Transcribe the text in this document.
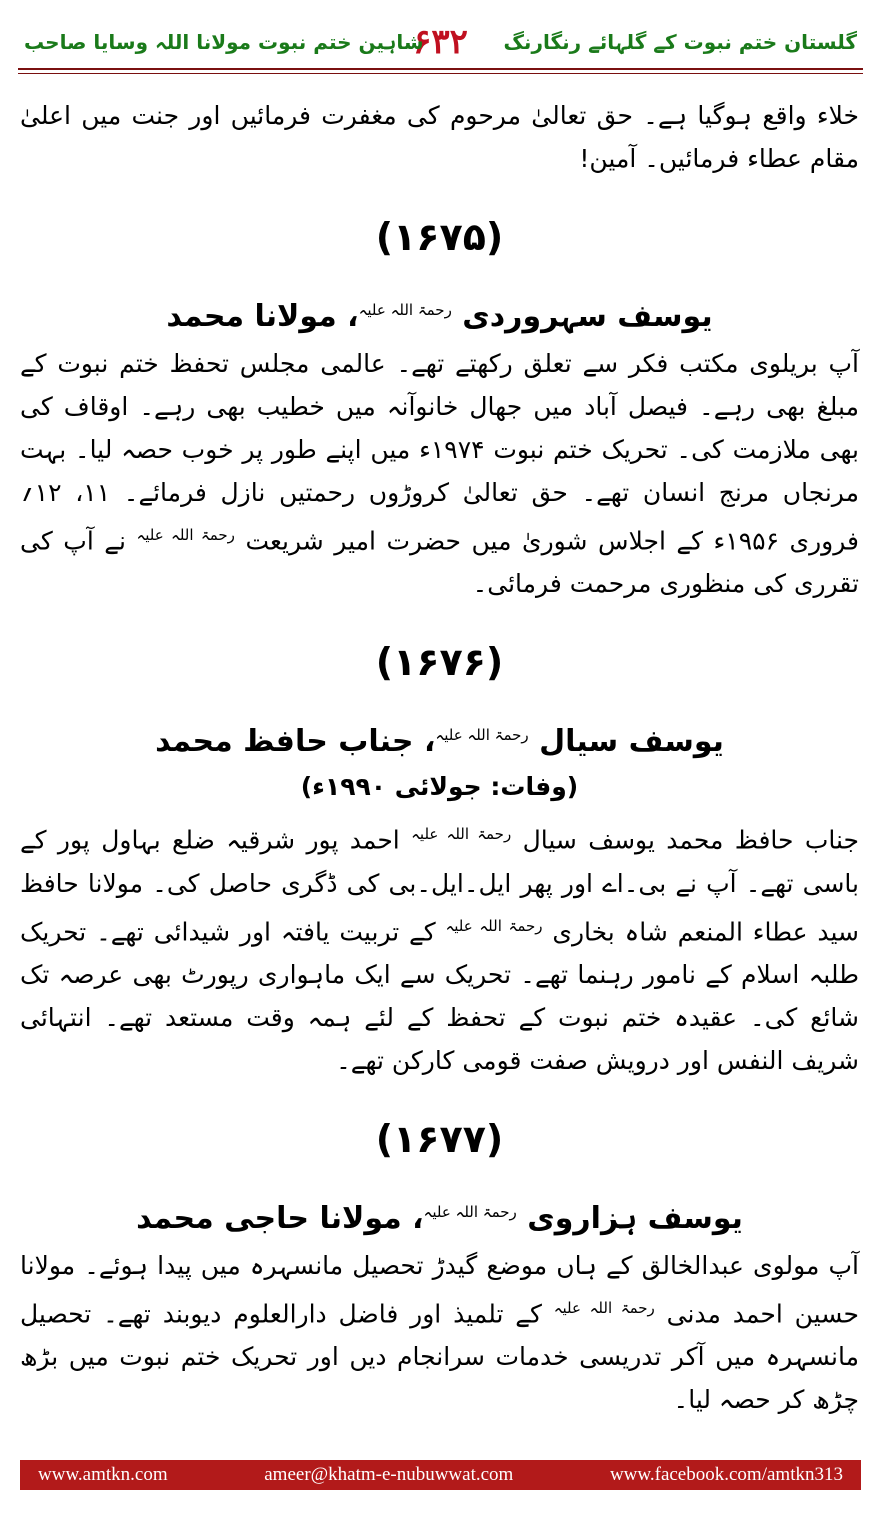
گلستان ختم نبوت کے گلہائے رنگارنگ
۶۳۲
شاہین ختم نبوت مولانا اللہ وسایا صاحب

خلاء واقع ہوگیا ہے۔ حق تعالیٰ مرحوم کی مغفرت فرمائیں اور جنت میں اعلیٰ مقام عطاء فرمائیں۔ آمین!

(۱۶۷۵)
یوسف سہروردی $^{رحمۃ اللہ علیہ}$، مولانا محمد

آپ بریلوی مکتب فکر سے تعلق رکھتے تھے۔ عالمی مجلس تحفظ ختم نبوت کے مبلغ بھی رہے۔ فیصل آباد میں جھال خانوآنہ میں خطیب بھی رہے۔ اوقاف کی بھی ملازمت کی۔ تحریک ختم نبوت ۱۹۷۴ء میں اپنے طور پر خوب حصہ لیا۔ بہت مرنجاں مرنج انسان تھے۔ حق تعالیٰ کروڑوں رحمتیں نازل فرمائے۔ ۱۱، ۱۲؍ فروری ۱۹۵۶ء کے اجلاس شوریٰ میں حضرت امیر شریعت $^{رحمۃ اللہ علیہ}$ نے آپ کی تقرری کی منظوری مرحمت فرمائی۔

(۱۶۷۶)
یوسف سیال $^{رحمۃ اللہ علیہ}$، جناب حافظ محمد
(وفات: جولائی ۱۹۹۰ء)

جناب حافظ محمد یوسف سیال $^{رحمۃ اللہ علیہ}$ احمد پور شرقیہ ضلع بہاول پور کے باسی تھے۔ آپ نے بی۔اے اور پھر ایل۔ایل۔بی کی ڈگری حاصل کی۔ مولانا حافظ سید عطاء المنعم شاہ بخاری $^{رحمۃ اللہ علیہ}$ کے تربیت یافتہ اور شیدائی تھے۔ تحریک طلبہ اسلام کے نامور رہنما تھے۔ تحریک سے ایک ماہواری رپورٹ بھی عرصہ تک شائع کی۔ عقیدہ ختم نبوت کے تحفظ کے لئے ہمہ وقت مستعد تھے۔ انتہائی شریف النفس اور درویش صفت قومی کارکن تھے۔

(۱۶۷۷)
یوسف ہزاروی $^{رحمۃ اللہ علیہ}$، مولانا حاجی محمد

آپ مولوی عبدالخالق کے ہاں موضع گیدڑ تحصیل مانسہرہ میں پیدا ہوئے۔ مولانا حسین احمد مدنی $^{رحمۃ اللہ علیہ}$ کے تلمیذ اور فاضل دارالعلوم دیوبند تھے۔ تحصیل مانسہرہ میں آکر تدریسی خدمات سرانجام دیں اور تحریک ختم نبوت میں بڑھ چڑھ کر حصہ لیا۔

www.amtkn.com	ameer@khatm-e-nubuwwat.com	www.facebook.com/amtkn313
